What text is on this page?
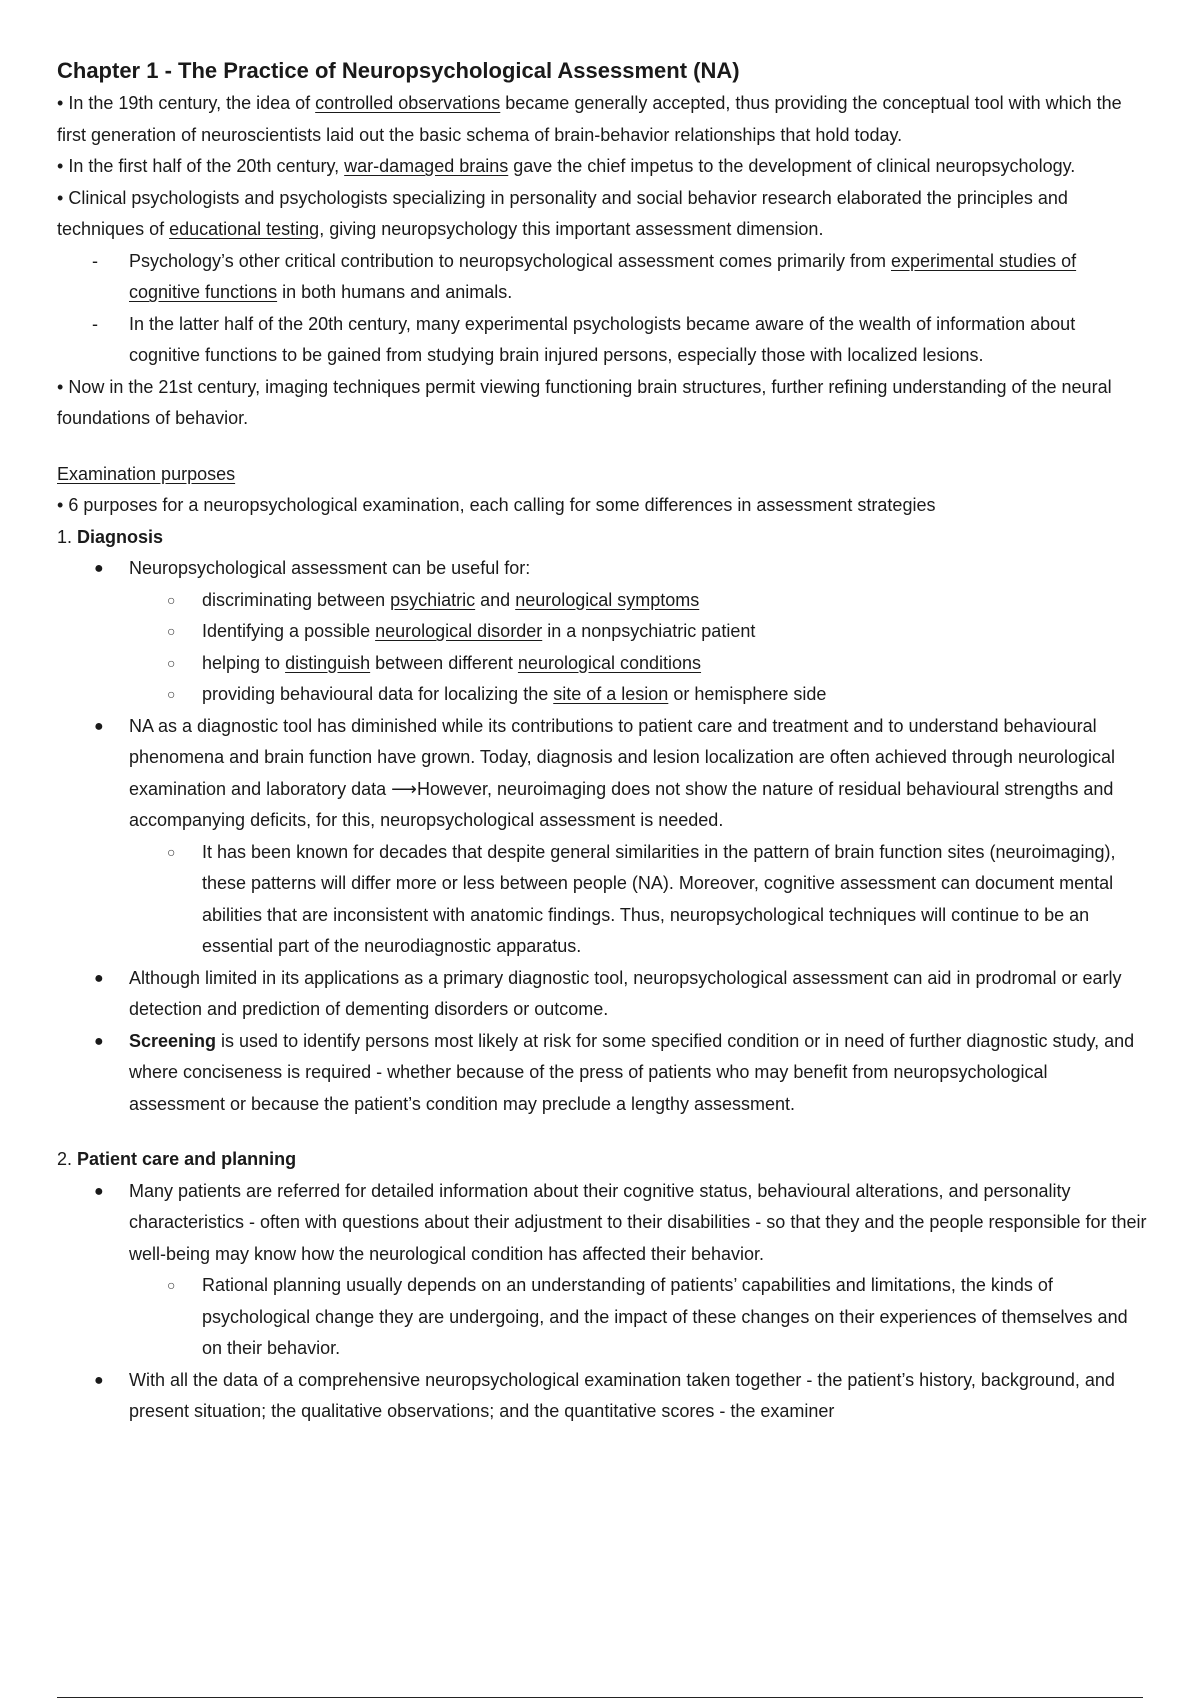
Chapter 1 - The Practice of Neuropsychological Assessment (NA)

• In the 19th century, the idea of controlled observations became generally accepted, thus providing the conceptual tool with which the first generation of neuroscientists laid out the basic schema of brain-behavior relationships that hold today.

• In the first half of the 20th century, war-damaged brains gave the chief impetus to the development of clinical neuropsychology.

• Clinical psychologists and psychologists specializing in personality and social behavior research elaborated the principles and techniques of educational testing, giving neuropsychology this important assessment dimension.

- Psychology’s other critical contribution to neuropsychological assessment comes primarily from experimental studies of cognitive functions in both humans and animals.
- In the latter half of the 20th century, many experimental psychologists became aware of the wealth of information about cognitive functions to be gained from studying brain injured persons, especially those with localized lesions.

• Now in the 21st century, imaging techniques permit viewing functioning brain structures, further refining understanding of the neural foundations of behavior.

Examination purposes

• 6 purposes for a neuropsychological examination, each calling for some differences in assessment strategies

1. Diagnosis

● Neuropsychological assessment can be useful for:
○ discriminating between psychiatric and neurological symptoms
○ Identifying a possible neurological disorder in a nonpsychiatric patient
○ helping to distinguish between different neurological conditions
○ providing behavioural data for localizing the site of a lesion or hemisphere side
● NA as a diagnostic tool has diminished while its contributions to patient care and treatment and to understand behavioural phenomena and brain function have grown. Today, diagnosis and lesion localization are often achieved through neurological examination and laboratory data ⟶However, neuroimaging does not show the nature of residual behavioural strengths and accompanying deficits, for this, neuropsychological assessment is needed.
○ It has been known for decades that despite general similarities in the pattern of brain function sites (neuroimaging), these patterns will differ more or less between people (NA). Moreover, cognitive assessment can document mental abilities that are inconsistent with anatomic findings. Thus, neuropsychological techniques will continue to be an essential part of the neurodiagnostic apparatus.
● Although limited in its applications as a primary diagnostic tool, neuropsychological assessment can aid in prodromal or early detection and prediction of dementing disorders or outcome.
● Screening is used to identify persons most likely at risk for some specified condition or in need of further diagnostic study, and where conciseness is required - whether because of the press of patients who may benefit from neuropsychological assessment or because the patient’s condition may preclude a lengthy assessment.

2. Patient care and planning

● Many patients are referred for detailed information about their cognitive status, behavioural alterations, and personality characteristics - often with questions about their adjustment to their disabilities - so that they and the people responsible for their well-being may know how the neurological condition has affected their behavior.
○ Rational planning usually depends on an understanding of patients’ capabilities and limitations, the kinds of psychological change they are undergoing, and the impact of these changes on their experiences of themselves and on their behavior.
● With all the data of a comprehensive neuropsychological examination taken together - the patient’s history, background, and present situation; the qualitative observations; and the quantitative scores - the examiner
